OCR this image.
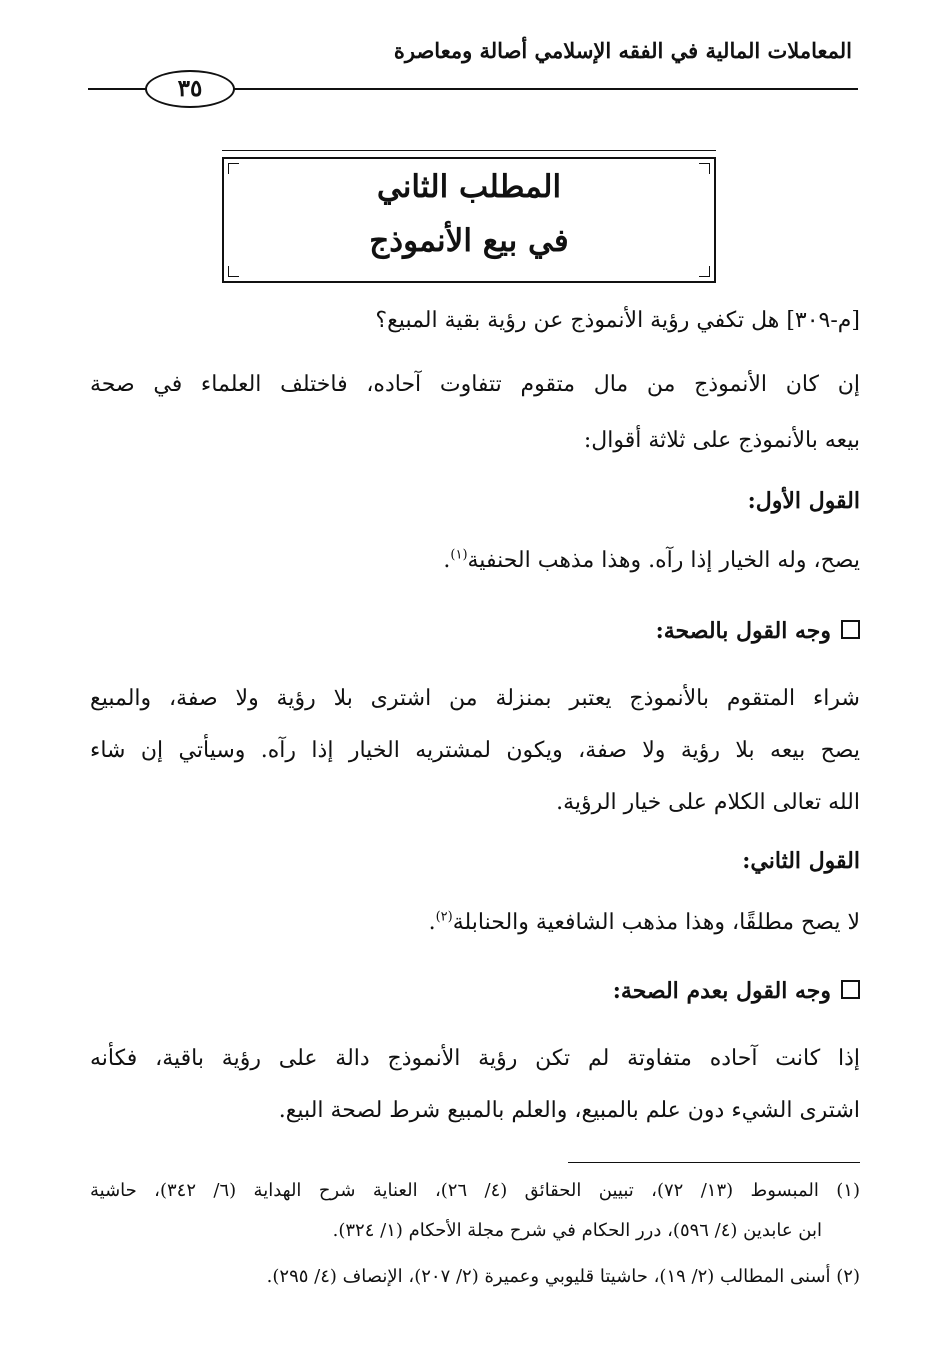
المعاملات المالية في الفقه الإسلامي أصالة ومعاصرة
٣٥
المطلب الثاني
في بيع الأنموذج
[م-٣٠٩] هل تكفي رؤية الأنموذج عن رؤية بقية المبيع؟
إن كان الأنموذج من مال متقوم تتفاوت آحاده، فاختلف العلماء في صحة
بيعه بالأنموذج على ثلاثة أقوال:
القول الأول:
يصح، وله الخيار إذا رآه. وهذا مذهب الحنفية$^{(١)}$.
وجه القول بالصحة:
شراء المتقوم بالأنموذج يعتبر بمنزلة من اشترى بلا رؤية ولا صفة، والمبيع
يصح بيعه بلا رؤية ولا صفة، ويكون لمشتريه الخيار إذا رآه. وسيأتي إن شاء
الله تعالى الكلام على خيار الرؤية.
القول الثاني:
لا يصح مطلقًا، وهذا مذهب الشافعية والحنابلة$^{(٢)}$.
وجه القول بعدم الصحة:
إذا كانت آحاده متفاوتة لم تكن رؤية الأنموذج دالة على رؤية باقية، فكأنه
اشترى الشيء دون علم بالمبيع، والعلم بالمبيع شرط لصحة البيع.
(١) المبسوط (١٣/ ٧٢)، تبيين الحقائق (٤/ ٢٦)، العناية شرح الهداية (٦/ ٣٤٢)، حاشية
ابن عابدين (٤/ ٥٩٦)، درر الحكام في شرح مجلة الأحكام (١/ ٣٢٤).
(٢) أسنى المطالب (٢/ ١٩)، حاشيتا قليوبي وعميرة (٢/ ٢٠٧)، الإنصاف (٤/ ٢٩٥).
